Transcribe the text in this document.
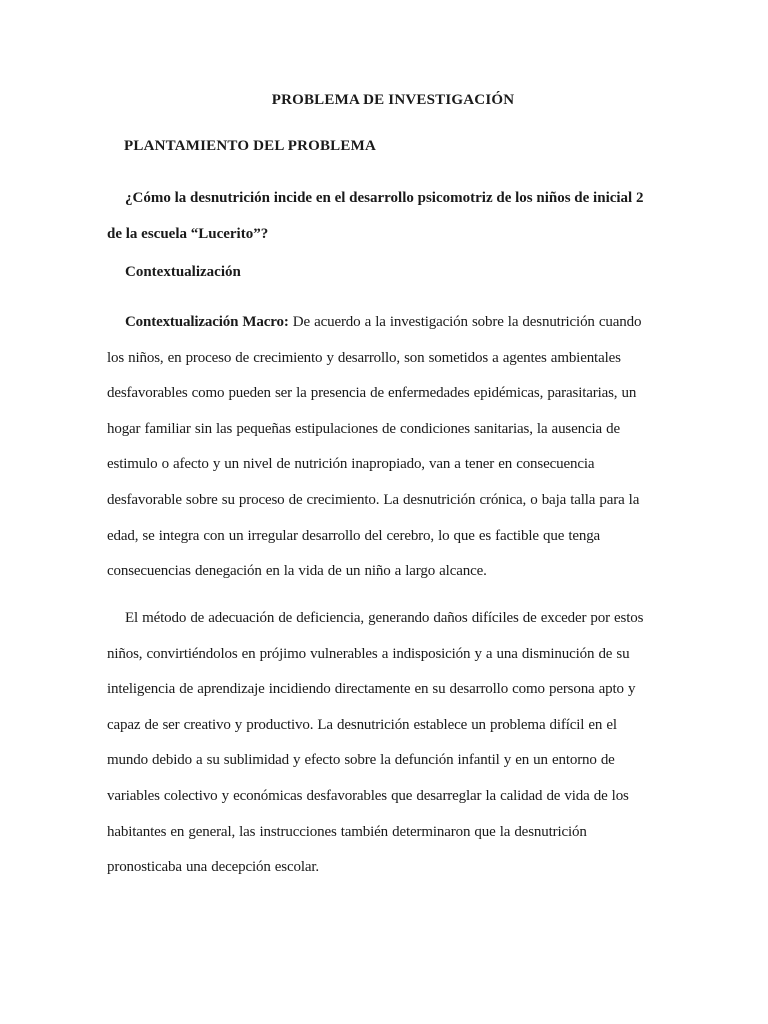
PROBLEMA DE INVESTIGACIÓN
PLANTAMIENTO DEL PROBLEMA
¿Cómo la desnutrición incide en el desarrollo psicomotriz de los niños de inicial 2
de la escuela “Lucerito”?
Contextualización
Contextualización Macro: De acuerdo a la investigación sobre la desnutrición cuando
los niños, en proceso de crecimiento y desarrollo, son sometidos a agentes ambientales
desfavorables como pueden ser la presencia de enfermedades epidémicas, parasitarias, un
hogar familiar sin las pequeñas estipulaciones de condiciones sanitarias, la ausencia de
estimulo o afecto y un nivel de nutrición inapropiado, van a tener en consecuencia
desfavorable sobre su proceso de crecimiento. La desnutrición crónica, o baja talla para la
edad, se integra con un irregular desarrollo del cerebro, lo que es factible que tenga
consecuencias denegación en la vida de un niño a largo alcance.
El método de adecuación de deficiencia, generando daños difíciles de exceder por estos
niños, convirtiéndolos en prójimo vulnerables a indisposición y a una disminución de su
inteligencia de aprendizaje incidiendo directamente en su desarrollo como persona apto y
capaz de ser creativo y productivo. La desnutrición establece un problema difícil en el
mundo debido a su sublimidad y efecto sobre la defunción infantil y en un entorno de
variables colectivo y económicas desfavorables que desarreglar la calidad de vida de los
habitantes en general, las instrucciones también determinaron que la desnutrición
pronosticaba una decepción escolar.
